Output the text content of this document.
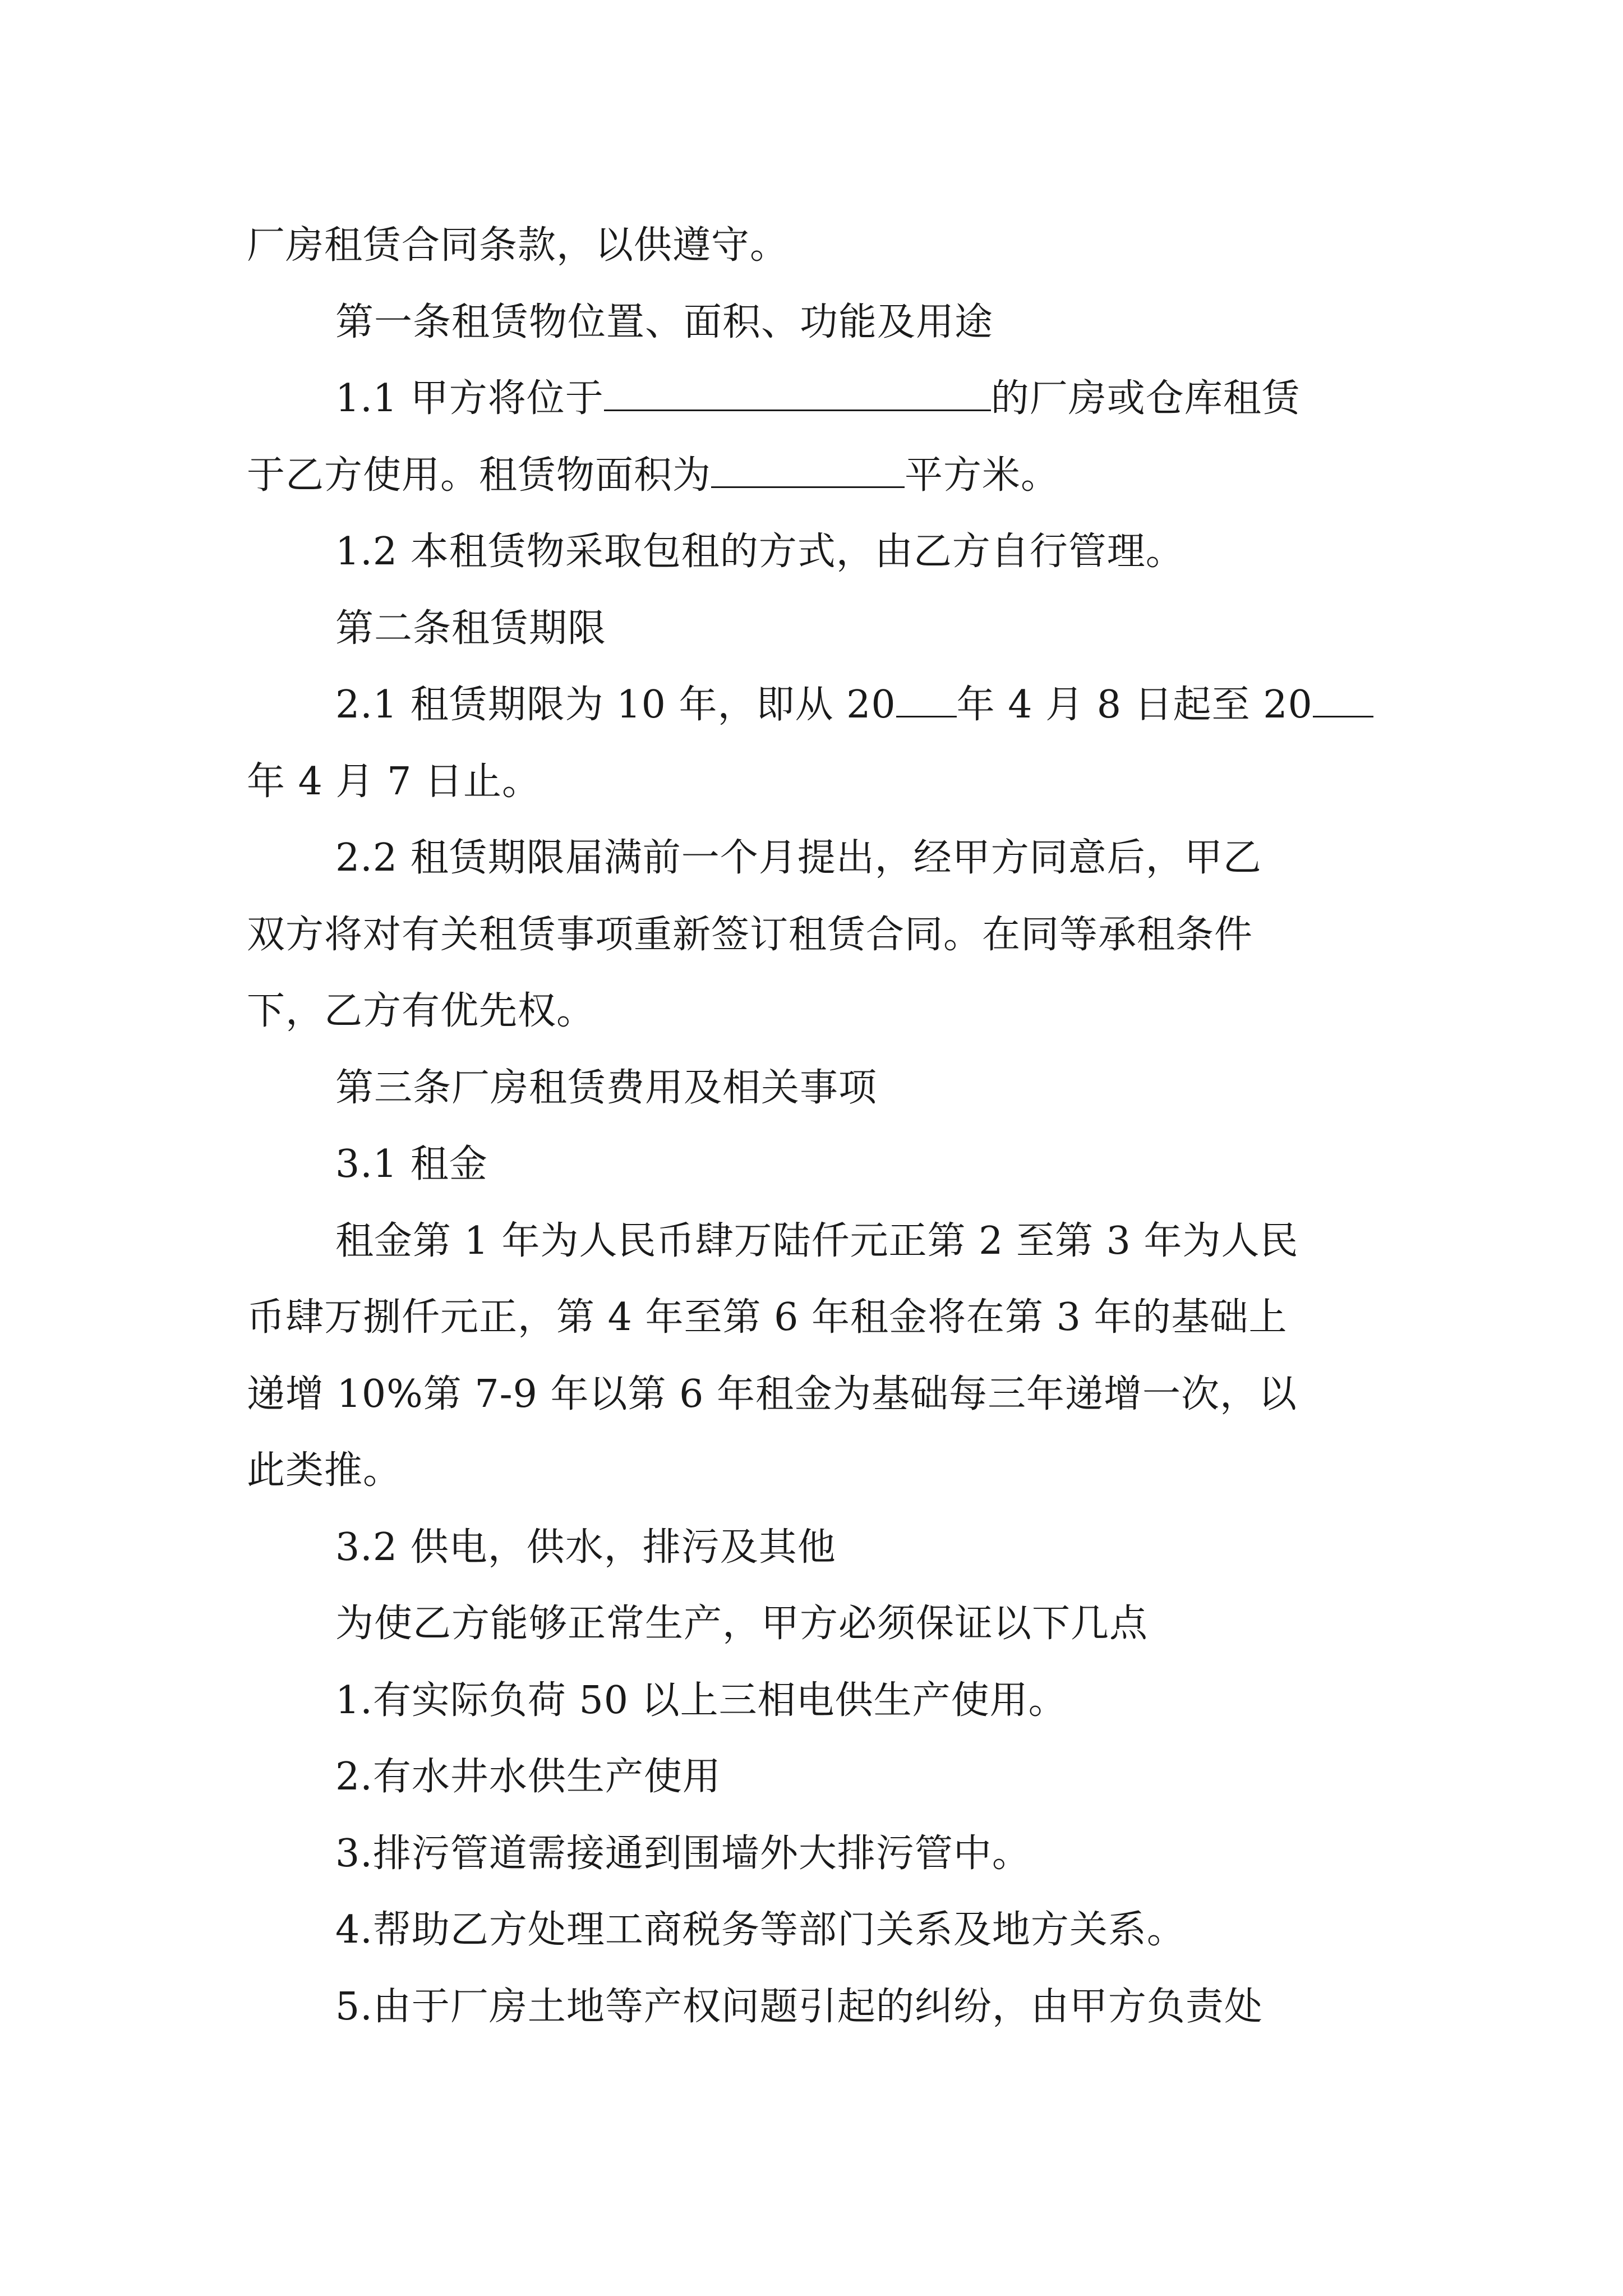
厂房租赁合同条款，以供遵守。
第一条租赁物位置、面积、功能及用途
1.1 甲方将位于	的厂房或仓库租赁
于乙方使用。租赁物面积为	平方米。
1.2 本租赁物采取包租的方式，由乙方自行管理。
第二条租赁期限
2.1 租赁期限为 10 年，即从 20 年 4 月 8 日起至 20
年 4 月 7 日止。
2.2 租赁期限届满前一个月提出，经甲方同意后，甲乙
双方将对有关租赁事项重新签订租赁合同。在同等承租条件
下，乙方有优先权。
第三条厂房租赁费用及相关事项
3.1 租金
租金第 1 年为人民币肆万陆仟元正第 2 至第 3 年为人民
币肆万捌仟元正，第 4 年至第 6 年租金将在第 3 年的基础上
递增 10%第 7-9 年以第 6 年租金为基础每三年递增一次，以
此类推。
3.2 供电，供水，排污及其他
为使乙方能够正常生产，甲方必须保证以下几点
1.有实际负荷 50 以上三相电供生产使用。
2.有水井水供生产使用
3.排污管道需接通到围墙外大排污管中。
4.帮助乙方处理工商税务等部门关系及地方关系。
5.由于厂房土地等产权问题引起的纠纷，由甲方负责处
